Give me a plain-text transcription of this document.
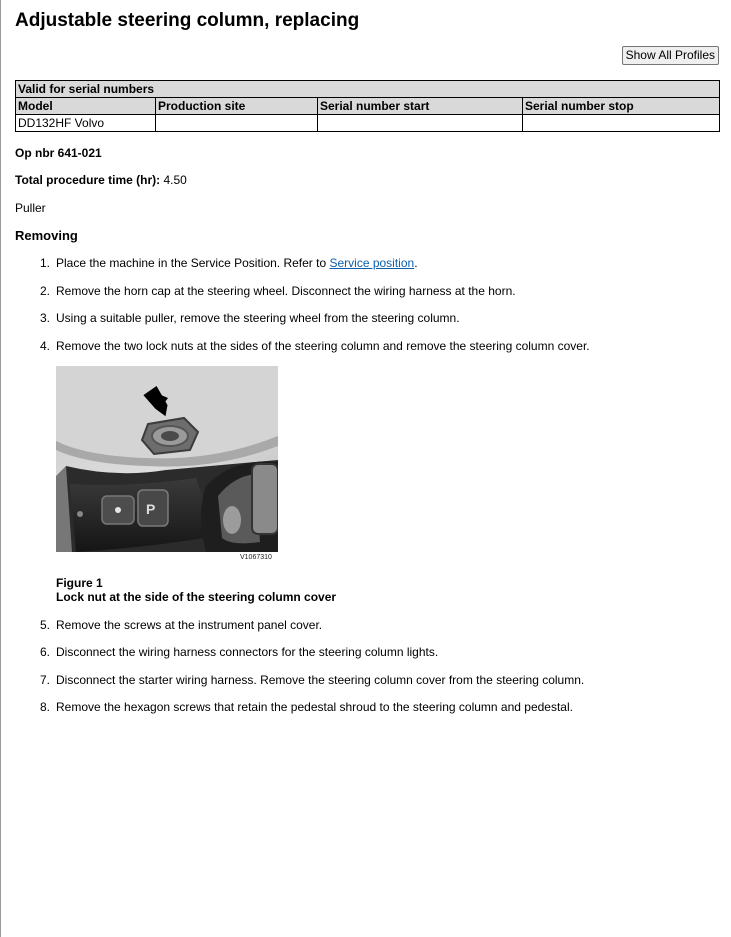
Adjustable steering column, replacing
Show All Profiles
Valid for serial numbers			
Model	Production site	Serial number start	Serial number stop
DD132HF Volvo			
Op nbr 641-021
Total procedure time (hr): 4.50
Puller
Removing
1. Place the machine in the Service Position. Refer to Service position.
2. Remove the horn cap at the steering wheel. Disconnect the wiring harness at the horn.
3. Using a suitable puller, remove the steering wheel from the steering column.
4. Remove the two lock nuts at the sides of the steering column and remove the steering column cover.
P
V1067310
Figure 1
Lock nut at the side of the steering column cover
5. Remove the screws at the instrument panel cover.
6. Disconnect the wiring harness connectors for the steering column lights.
7. Disconnect the starter wiring harness. Remove the steering column cover from the steering column.
8. Remove the hexagon screws that retain the pedestal shroud to the steering column and pedestal.
